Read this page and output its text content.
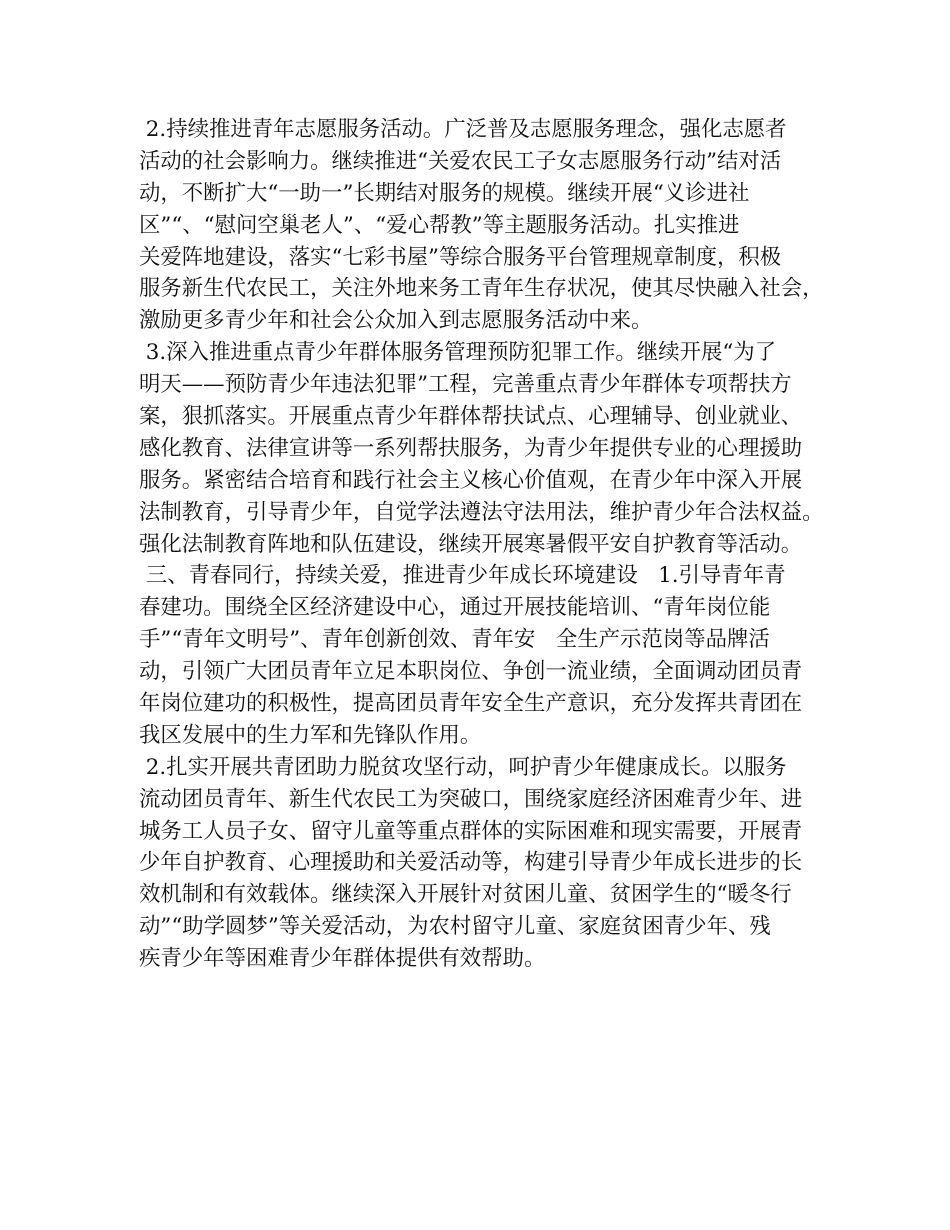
2.持续推进青年志愿服务活动。广泛普及志愿服务理念，强化志愿者
活动的社会影响力。继续推进“关爱农民工子女志愿服务行动”结对活
动，不断扩大“一助一”长期结对服务的规模。继续开展“义诊进社
区”“、“慰问空巢老人”、“爱心帮教”等主题服务活动。扎实推进
关爱阵地建设，落实“七彩书屋”等综合服务平台管理规章制度，积极
服务新生代农民工，关注外地来务工青年生存状况，使其尽快融入社会，
激励更多青少年和社会公众加入到志愿服务活动中来。
3.深入推进重点青少年群体服务管理预防犯罪工作。继续开展“为了
明天——预防青少年违法犯罪”工程，完善重点青少年群体专项帮扶方
案，狠抓落实。开展重点青少年群体帮扶试点、心理辅导、创业就业、
感化教育、法律宣讲等一系列帮扶服务，为青少年提供专业的心理援助
服务。紧密结合培育和践行社会主义核心价值观，在青少年中深入开展
法制教育，引导青少年，自觉学法遵法守法用法，维护青少年合法权益。
强化法制教育阵地和队伍建设，继续开展寒暑假平安自护教育等活动。
三、青春同行，持续关爱，推进青少年成长环境建设   1.引导青年青
春建功。围绕全区经济建设中心，通过开展技能培训、“青年岗位能
手”“青年文明号”、青年创新创效、青年安   全生产示范岗等品牌活
动，引领广大团员青年立足本职岗位、争创一流业绩，全面调动团员青
年岗位建功的积极性，提高团员青年安全生产意识，充分发挥共青团在
我区发展中的生力军和先锋队作用。
2.扎实开展共青团助力脱贫攻坚行动，呵护青少年健康成长。以服务
流动团员青年、新生代农民工为突破口，围绕家庭经济困难青少年、进
城务工人员子女、留守儿童等重点群体的实际困难和现实需要，开展青
少年自护教育、心理援助和关爱活动等，构建引导青少年成长进步的长
效机制和有效载体。继续深入开展针对贫困儿童、贫困学生的“暖冬行
动”“助学圆梦”等关爱活动，为农村留守儿童、家庭贫困青少年、残
疾青少年等困难青少年群体提供有效帮助。
